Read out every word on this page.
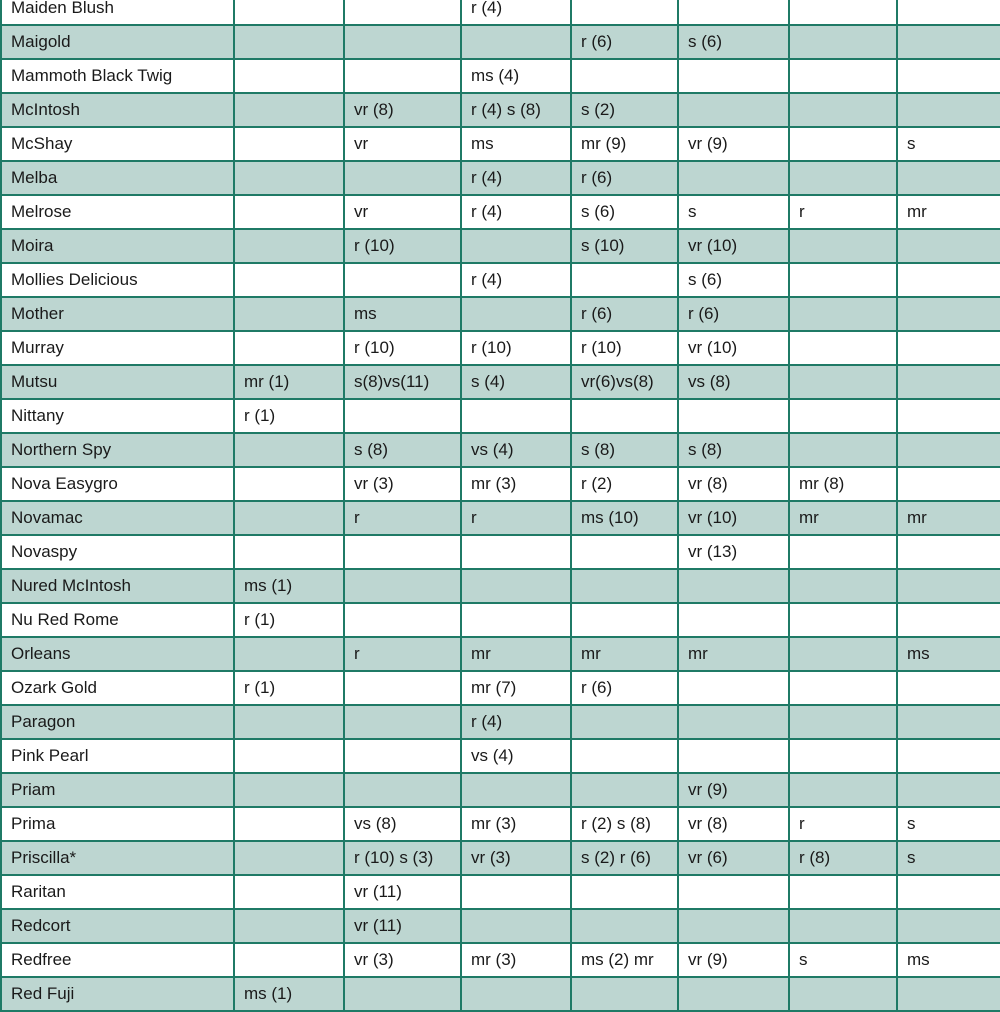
Maiden Blush			r (4)				
Maigold				r (6)	s (6)		
Mammoth Black Twig			ms (4)				
McIntosh		vr (8)	r (4) s (8)	s (2)			
McShay		vr	ms	mr (9)	vr (9)		s
Melba			r (4)	r (6)			
Melrose		vr	r (4)	s (6)	s	r	mr
Moira		r (10)		s (10)	vr (10)		
Mollies Delicious			r (4)		s (6)		
Mother		ms		r (6)	r (6)		
Murray		r (10)	r (10)	r (10)	vr (10)		
Mutsu	mr (1)	s(8)vs(11)	s (4)	vr(6)vs(8)	vs (8)		
Nittany	r (1)						
Northern Spy		s (8)	vs (4)	s (8)	s (8)		
Nova Easygro		vr (3)	mr (3)	r (2)	vr (8)	mr (8)	
Novamac		r	r	ms (10)	vr (10)	mr	mr
Novaspy					vr (13)		
Nured McIntosh	ms (1)						
Nu Red Rome	r (1)						
Orleans		r	mr	mr	mr		ms
Ozark Gold	r (1)		mr (7)	r (6)			
Paragon			r (4)				
Pink Pearl			vs (4)				
Priam					vr (9)		
Prima		vs (8)	mr (3)	r (2) s (8)	vr (8)	r	s
Priscilla*		r (10) s (3)	vr (3)	s (2) r (6)	vr (6)	r (8)	s
Raritan		vr (11)					
Redcort		vr (11)					
Redfree		vr (3)	mr (3)	ms (2) mr	vr (9)	s	ms
Red Fuji	ms (1)						
